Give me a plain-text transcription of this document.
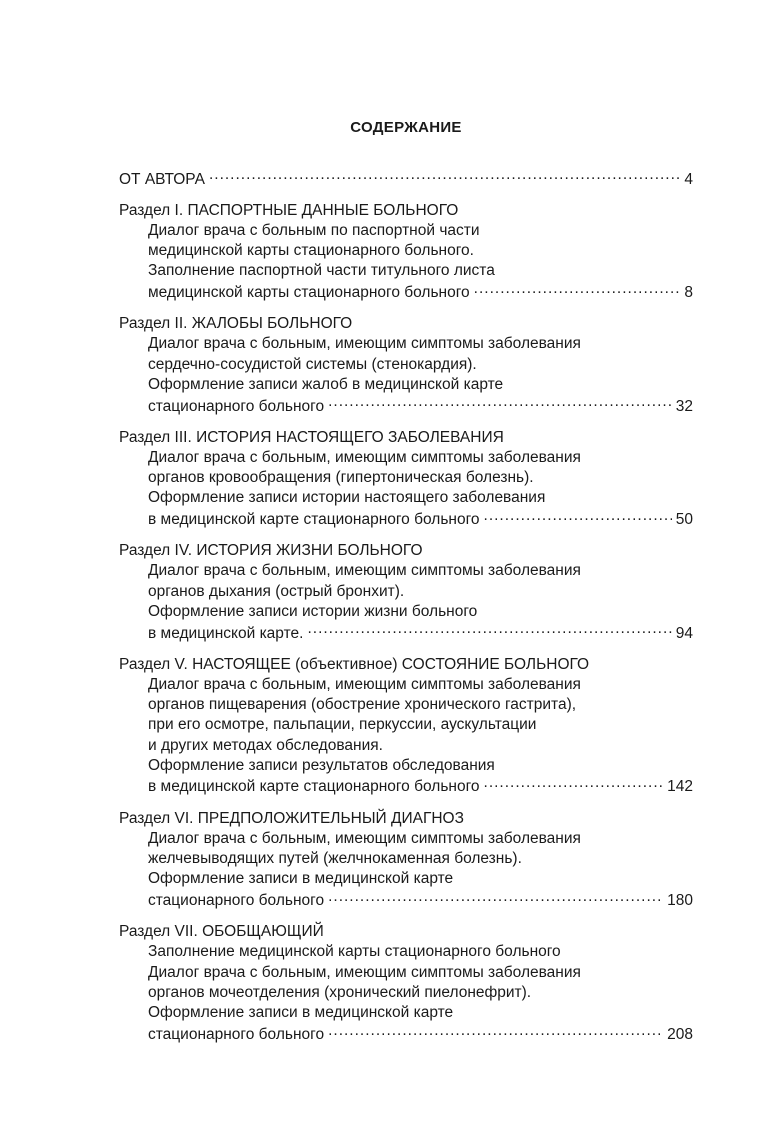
СОДЕРЖАНИЕ
ОТ АВТОРА .....	4
Раздел I. ПАСПОРТНЫЕ ДАННЫЕ БОЛЬНОГО
Диалог врача с больным по паспортной части
медицинской карты стационарного больного.
Заполнение паспортной части титульного листа
медицинской карты стационарного больного .....	8
Раздел II. ЖАЛОБЫ БОЛЬНОГО
Диалог врача с больным, имеющим симптомы заболевания
сердечно-сосудистой системы (стенокардия).
Оформление записи жалоб в медицинской карте
стационарного больного .....	32
Раздел III. ИСТОРИЯ НАСТОЯЩЕГО ЗАБОЛЕВАНИЯ
Диалог врача с больным, имеющим симптомы заболевания
органов кровообращения (гипертоническая болезнь).
Оформление записи истории настоящего заболевания
в медицинской карте стационарного больного .....	50
Раздел IV. ИСТОРИЯ ЖИЗНИ БОЛЬНОГО
Диалог врача с больным, имеющим симптомы заболевания
органов дыхания (острый бронхит).
Оформление записи истории жизни больного
в медицинской карте. .....	94
Раздел V. НАСТОЯЩЕЕ (объективное) СОСТОЯНИЕ БОЛЬНОГО
Диалог врача с больным, имеющим симптомы заболевания
органов пищеварения (обострение хронического гастрита),
при его осмотре, пальпации, перкуссии, аускультации
и других методах обследования.
Оформление записи результатов обследования
в медицинской карте стационарного больного .....	142
Раздел VI. ПРЕДПОЛОЖИТЕЛЬНЫЙ ДИАГНОЗ
Диалог врача с больным, имеющим симптомы заболевания
желчевыводящих путей (желчнокаменная болезнь).
Оформление записи в медицинской карте
стационарного больного .....	180
Раздел VII. ОБОБЩАЮЩИЙ
Заполнение медицинской карты стационарного больного
Диалог врача с больным, имеющим симптомы заболевания
органов мочеотделения (хронический пиелонефрит).
Оформление записи в медицинской карте
стационарного больного .....	208
